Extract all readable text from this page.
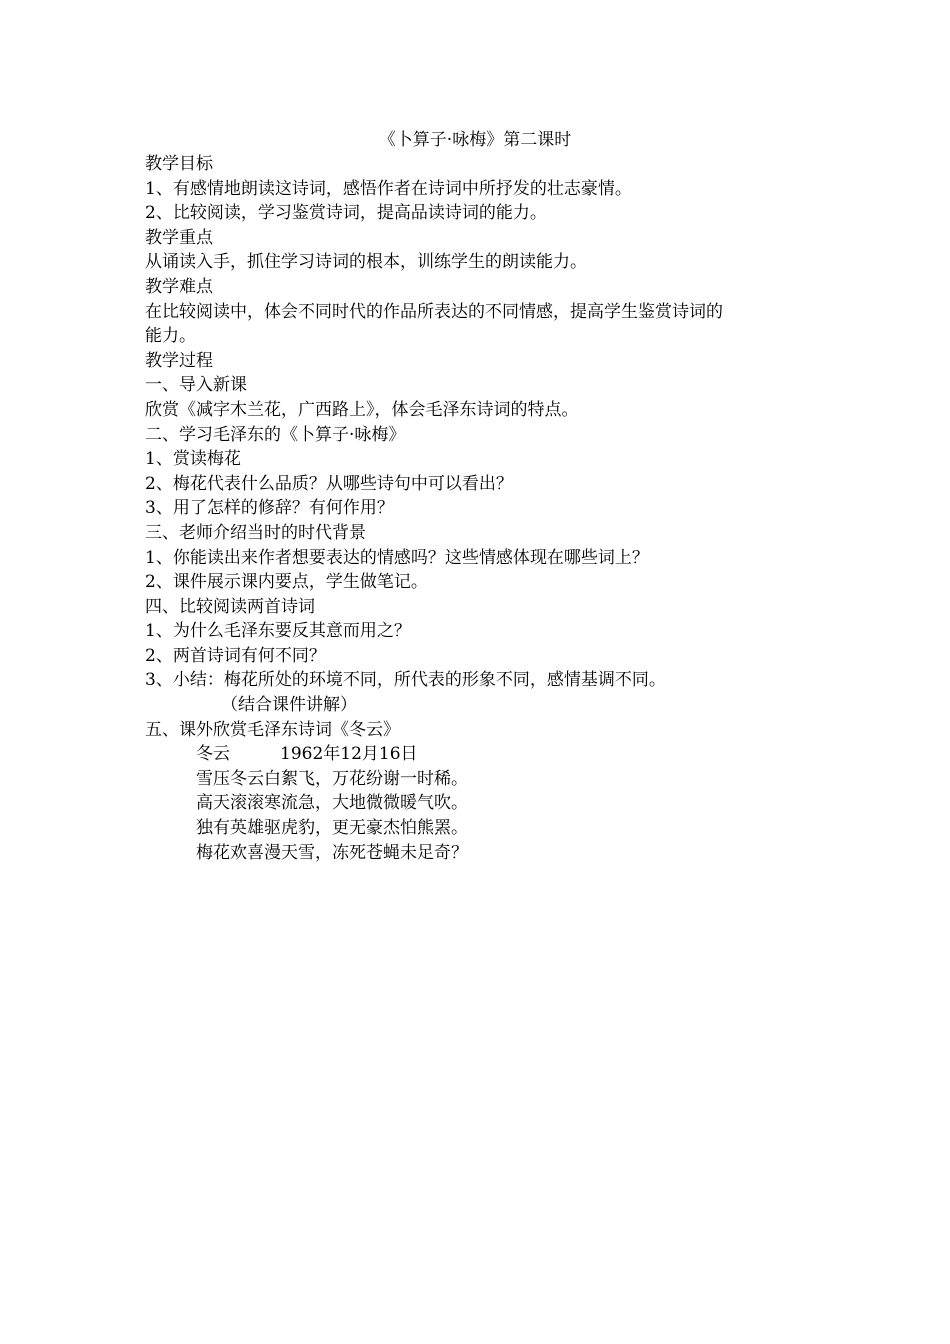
《卜算子·咏梅》第二课时
教学目标
1、有感情地朗读这诗词，感悟作者在诗词中所抒发的壮志豪情。
2、比较阅读，学习鉴赏诗词，提高品读诗词的能力。
教学重点
从诵读入手，抓住学习诗词的根本，训练学生的朗读能力。
教学难点
在比较阅读中，体会不同时代的作品所表达的不同情感，提高学生鉴赏诗词的
能力。
教学过程
一、导入新课
欣赏《减字木兰花，广西路上》，体会毛泽东诗词的特点。
二、学习毛泽东的《卜算子·咏梅》
1、赏读梅花
2、梅花代表什么品质？从哪些诗句中可以看出？
3、用了怎样的修辞？有何作用？
三、老师介绍当时的时代背景
1、你能读出来作者想要表达的情感吗？这些情感体现在哪些词上？
2、课件展示课内要点，学生做笔记。
四、比较阅读两首诗词
1、为什么毛泽东要反其意而用之？
2、两首诗词有何不同？
3、小结：梅花所处的环境不同，所代表的形象不同，感情基调不同。
（结合课件讲解）
五、课外欣赏毛泽东诗词《冬云》
冬云	1962年12月16日
雪压冬云白絮飞，万花纷谢一时稀。
高天滚滚寒流急，大地微微暖气吹。
独有英雄驱虎豹，更无豪杰怕熊罴。
梅花欢喜漫天雪，冻死苍蝇未足奇？
